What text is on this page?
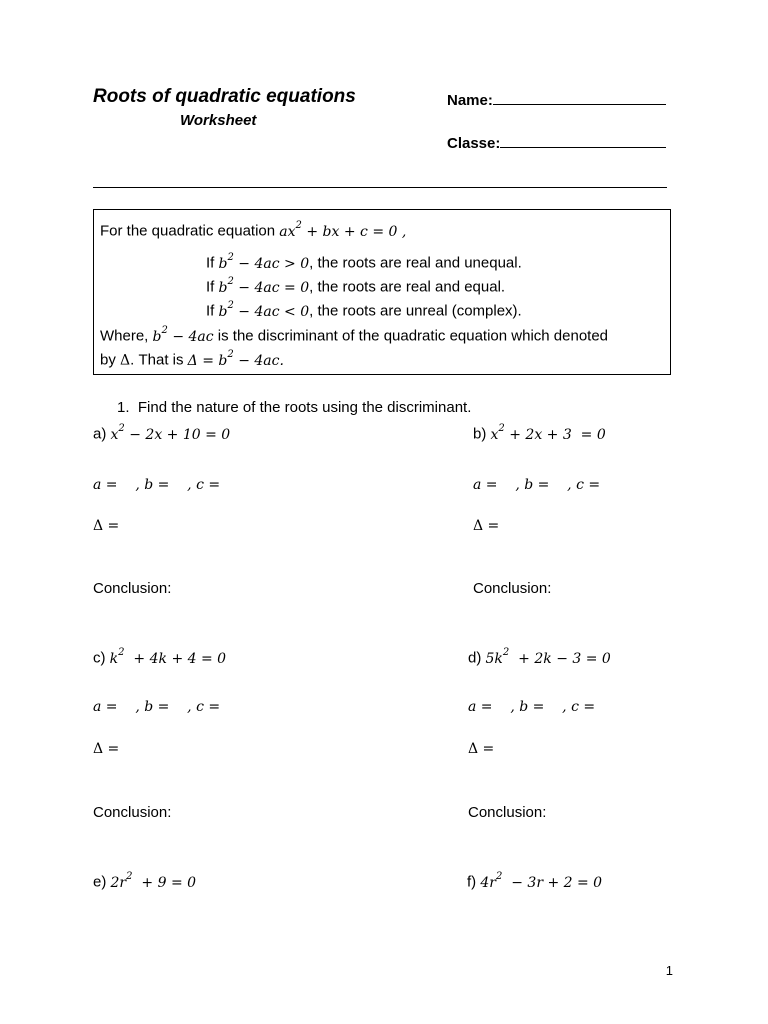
Roots of quadratic equations
Worksheet
Name:
Classe:
For the quadratic equation $ax^2$ + bx + c = 0 ,
If $b^2 - 4ac > 0$, the roots are real and unequal.
If $b^2 - 4ac = 0$, the roots are real and equal.
If $b^2 - 4ac < 0$, the roots are unreal (complex).
Where, $b^2 - 4ac$ is the discriminant of the quadratic equation which denoted
by Δ. That is $\Delta = b^2 - 4ac$.
1. Find the nature of the roots using the discriminant.
a) $x^2 - 2x + 10 = 0$
a =    , b =    , c =
Δ =
Conclusion:
b) $x^2 + 2x + 3 = 0$
a =    , b =    , c =
Δ =
Conclusion:
c) $k^2 + 4k + 4 = 0$
a =    , b =    , c =
Δ =
Conclusion:
d) $5k^2 + 2k - 3 = 0$
a =    , b =    , c =
Δ =
Conclusion:
e) $2r^2 + 9 = 0$	f) $4r^2 - 3r + 2 = 0$
1
